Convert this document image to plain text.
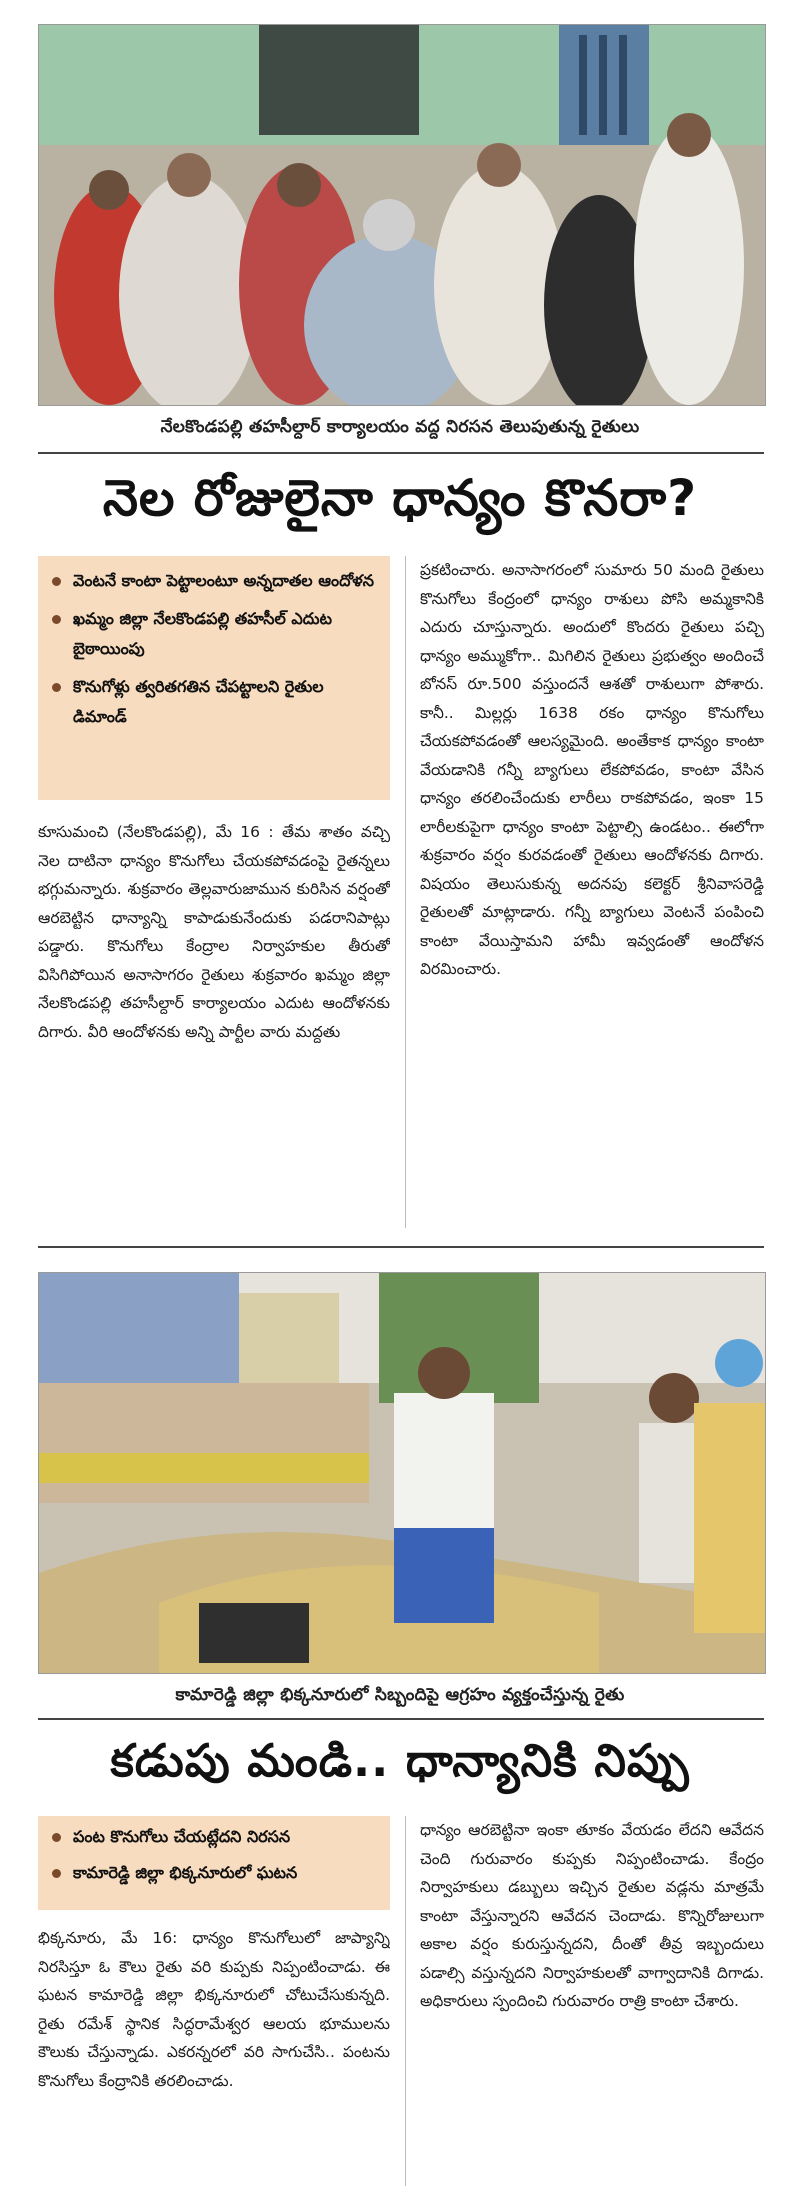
నేలకొండపల్లి తహసీల్దార్ కార్యాలయం వద్ద నిరసన తెలుపుతున్న రైతులు
నెల రోజులైనా ధాన్యం కొనరా?
వెంటనే కాంటా పెట్టాలంటూ అన్నదాతల ఆందోళన
ఖమ్మం జిల్లా నేలకొండపల్లి తహసీల్ ఎదుట బైఠాయింపు
కొనుగోళ్లు త్వరితగతిన చేపట్టాలని రైతుల డిమాండ్

కూసుమంచి (నేలకొండపల్లి), మే 16 : తేమ శాతం వచ్చి నెల దాటినా ధాన్యం కొనుగోలు చేయకపోవడంపై రైతన్నలు భగ్గుమన్నారు. శుక్రవారం తెల్లవారుజామున కురిసిన వర్షంతో ఆరబెట్టిన ధాన్యాన్ని కాపాడుకునేందుకు పడరానిపాట్లు పడ్డారు. కొనుగోలు కేంద్రాల నిర్వాహకుల తీరుతో విసిగిపోయిన అనాసాగరం రైతులు శుక్రవారం ఖమ్మం జిల్లా నేలకొండపల్లి తహసీల్దార్ కార్యాలయం ఎదుట ఆందోళనకు దిగారు. వీరి ఆందోళనకు అన్ని పార్టీల వారు మద్దతు

ప్రకటించారు. అనాసాగరంలో సుమారు 50 మంది రైతులు కొనుగోలు కేంద్రంలో ధాన్యం రాశులు పోసి అమ్మకానికి ఎదురు చూస్తున్నారు. అందులో కొందరు రైతులు పచ్చి ధాన్యం అమ్ముకోగా.. మిగిలిన రైతులు ప్రభుత్వం అందించే బోనస్ రూ.500 వస్తుందనే ఆశతో రాశులుగా పోశారు. కానీ.. మిల్లర్లు 1638 రకం ధాన్యం కొనుగోలు చేయకపోవడంతో ఆలస్యమైంది. అంతేకాక ధాన్యం కాంటా వేయడానికి గన్నీ బ్యాగులు లేకపోవడం, కాంటా వేసిన ధాన్యం తరలించేందుకు లారీలు రాకపోవడం, ఇంకా 15 లారీలకుపైగా ధాన్యం కాంటా పెట్టాల్సి ఉండటం.. ఈలోగా శుక్రవారం వర్షం కురవడంతో రైతులు ఆందోళనకు దిగారు. విషయం తెలుసుకున్న అదనపు కలెక్టర్ శ్రీనివాసరెడ్డి రైతులతో మాట్లాడారు. గన్నీ బ్యాగులు వెంటనే పంపించి కాంటా వేయిస్తామని హామీ ఇవ్వడంతో ఆందోళన విరమించారు.

కామారెడ్డి జిల్లా భిక్కనూరులో సిబ్బందిపై ఆగ్రహం వ్యక్తంచేస్తున్న రైతు
కడుపు మండి.. ధాన్యానికి నిప్పు
పంట కొనుగోలు చేయట్లేదని నిరసన
కామారెడ్డి జిల్లా భిక్కనూరులో ఘటన

భిక్కనూరు, మే 16: ధాన్యం కొనుగోలులో జాప్యాన్ని నిరసిస్తూ ఓ కౌలు రైతు వరి కుప్పకు నిప్పంటించాడు. ఈ ఘటన కామారెడ్డి జిల్లా భిక్కనూరులో చోటుచేసుకున్నది. రైతు రమేశ్ స్థానిక సిద్ధరామేశ్వర ఆలయ భూములను కౌలుకు చేస్తున్నాడు. ఎకరన్నరలో వరి సాగుచేసి.. పంటను కొనుగోలు కేంద్రానికి తరలించాడు.

ధాన్యం ఆరబెట్టినా ఇంకా తూకం వేయడం లేదని ఆవేదన చెంది గురువారం కుప్పకు నిప్పంటించాడు. కేంద్రం నిర్వాహకులు డబ్బులు ఇచ్చిన రైతుల వడ్లను మాత్రమే కాంటా వేస్తున్నారని ఆవేదన చెందాడు. కొన్నిరోజులుగా అకాల వర్షం కురుస్తున్నదని, దీంతో తీవ్ర ఇబ్బందులు పడాల్సి వస్తున్నదని నిర్వాహకులతో వాగ్వాదానికి దిగాడు. అధికారులు స్పందించి గురువారం రాత్రి కాంటా చేశారు.
